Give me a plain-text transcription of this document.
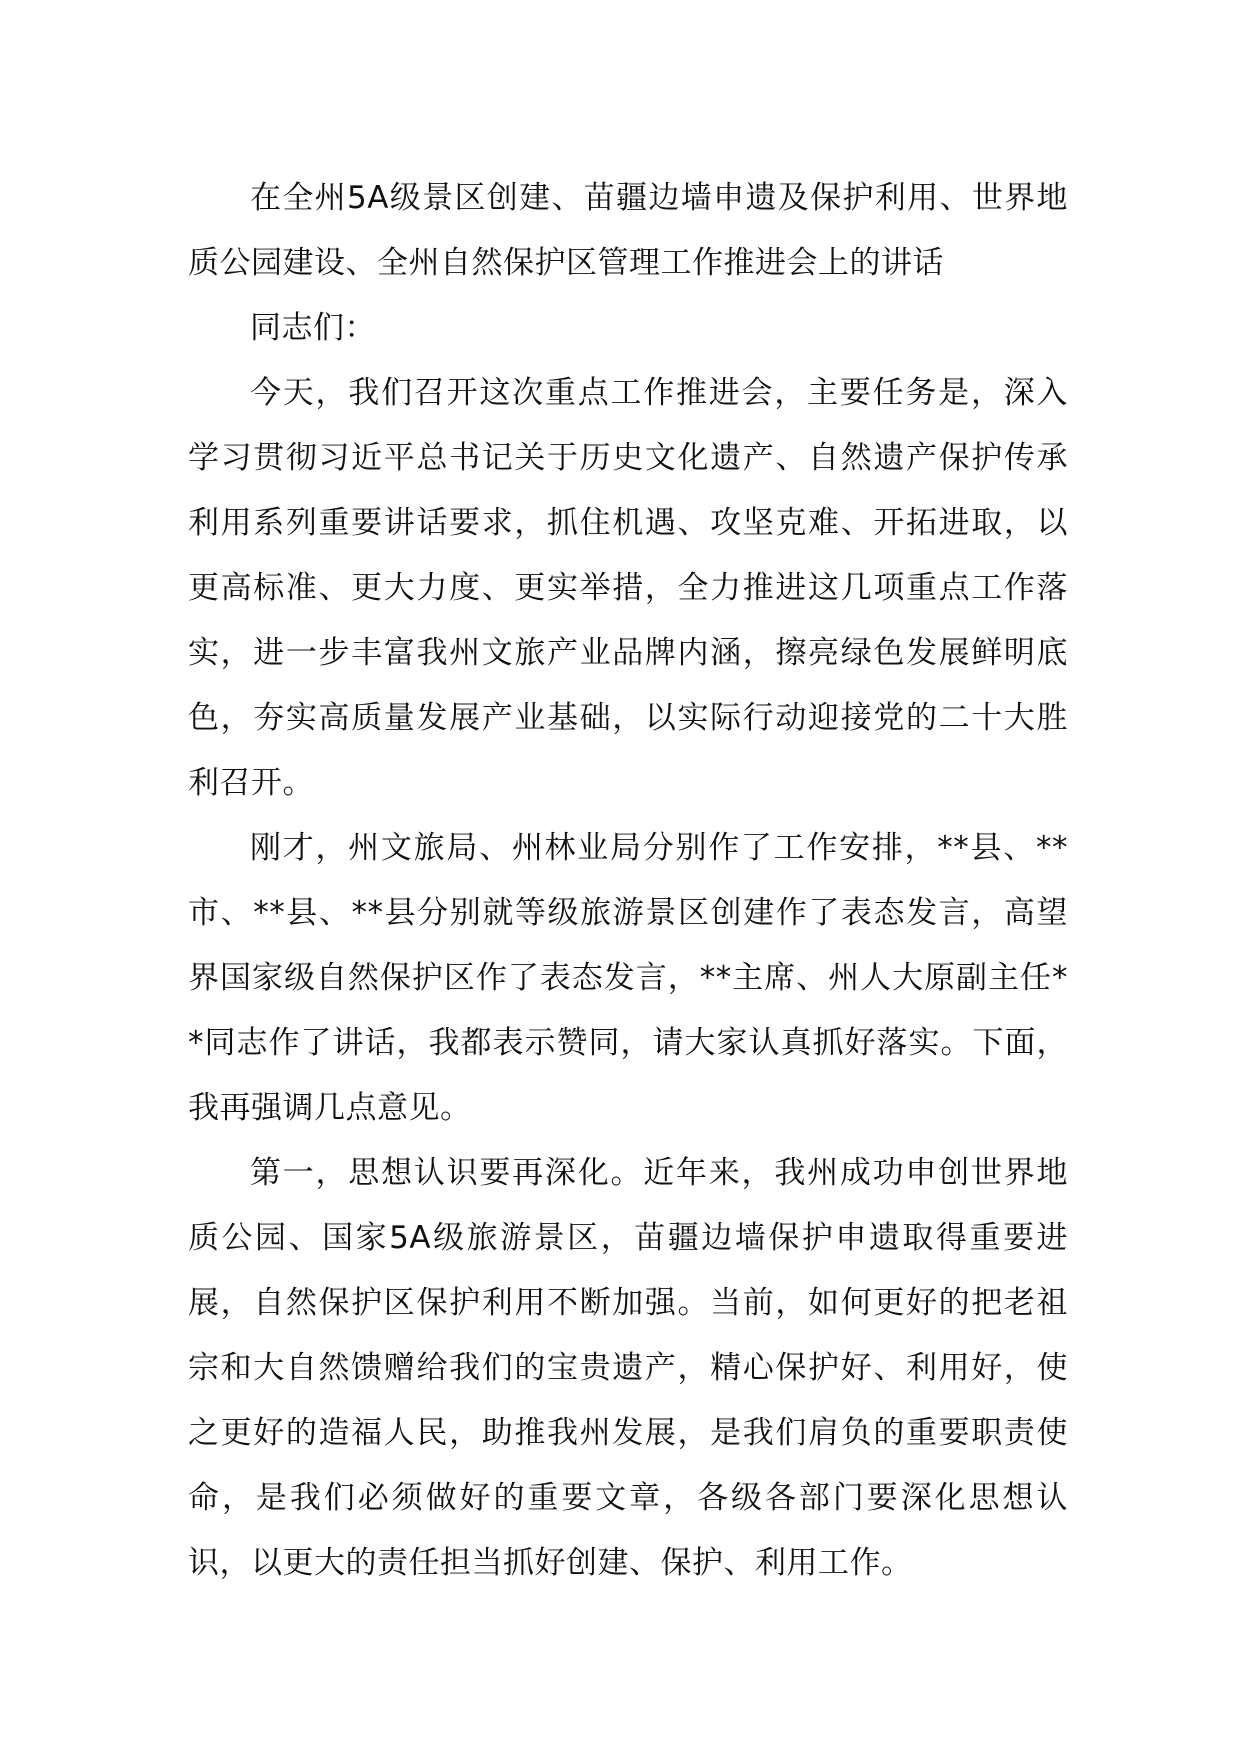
在全州5A级景区创建、苗疆边墙申遗及保护利用、世界地质公园建设、全州自然保护区管理工作推进会上的讲话

同志们：

今天，我们召开这次重点工作推进会，主要任务是，深入学习贯彻习近平总书记关于历史文化遗产、自然遗产保护传承利用系列重要讲话要求，抓住机遇、攻坚克难、开拓进取，以更高标准、更大力度、更实举措，全力推进这几项重点工作落实，进一步丰富我州文旅产业品牌内涵，擦亮绿色发展鲜明底色，夯实高质量发展产业基础，以实际行动迎接党的二十大胜利召开。

刚才，州文旅局、州林业局分别作了工作安排，**县、**市、**县、**县分别就等级旅游景区创建作了表态发言，高望界国家级自然保护区作了表态发言，**主席、州人大原副主任**同志作了讲话，我都表示赞同，请大家认真抓好落实。下面，我再强调几点意见。

第一，思想认识要再深化。近年来，我州成功申创世界地质公园、国家5A级旅游景区，苗疆边墙保护申遗取得重要进展，自然保护区保护利用不断加强。当前，如何更好的把老祖宗和大自然馈赠给我们的宝贵遗产，精心保护好、利用好，使之更好的造福人民，助推我州发展，是我们肩负的重要职责使命，是我们必须做好的重要文章，各级各部门要深化思想认识，以更大的责任担当抓好创建、保护、利用工作。
